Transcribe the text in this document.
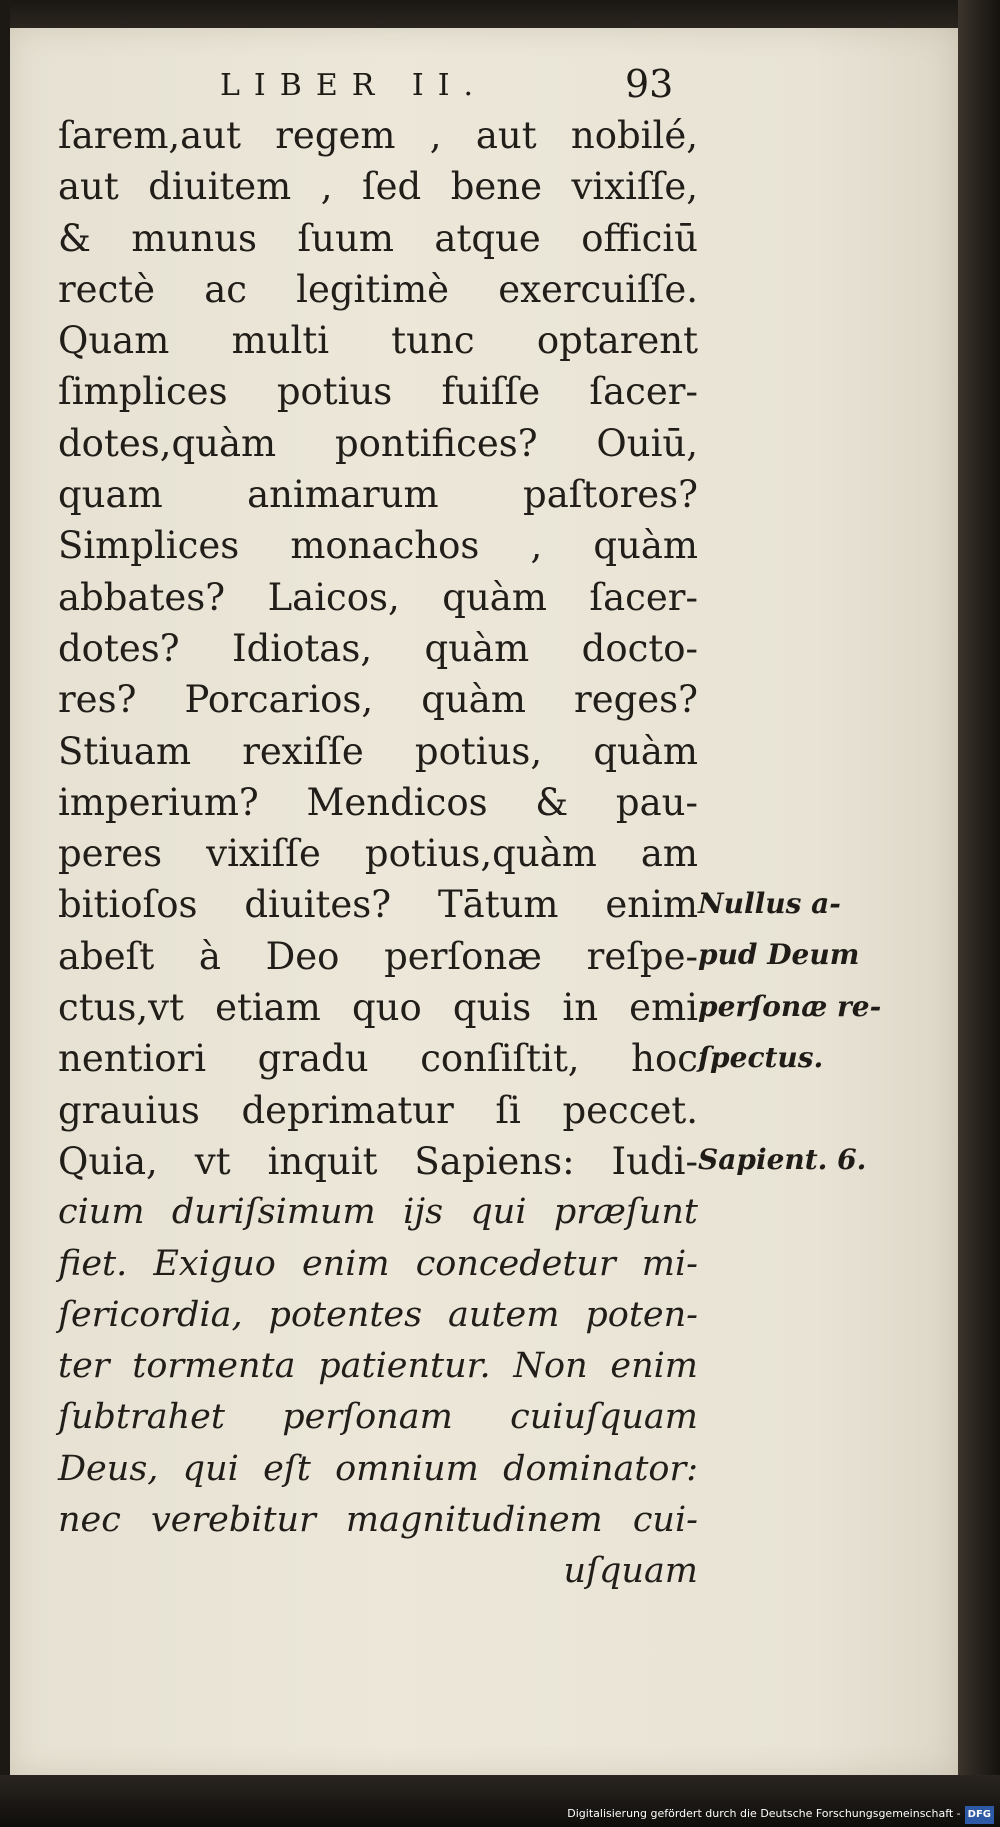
LIBER II.	93
ſarem,aut regem , aut nobilé,
aut diuitem , ſed bene vixiſſe,
& munus ſuum atque officiū
rectè ac legitimè exercuiſſe.
Quam multi tunc optarent
ſimplices potius fuiſſe ſacer-
dotes,quàm pontifices? Ouiū,
quam animarum paſtores?
Simplices monachos , quàm
abbates? Laicos, quàm ſacer-
dotes? Idiotas, quàm docto-
res? Porcarios, quàm reges?
Stiuam rexiſſe potius, quàm
imperium? Mendicos & pau-
peres vixiſſe potius,quàm am
bitioſos diuites? Tātum enim
abeſt à Deo perſonæ reſpe-
ctus,vt etiam quo quis in emi
nentiori gradu conſiſtit, hoc
grauius deprimatur ſi peccet.
Quia, vt inquit Sapiens: Iudi-
cium duriſsimum ijs qui præſunt
fiet. Exiguo enim concedetur mi-
ſericordia, potentes autem poten-
ter tormenta patientur. Non enim
ſubtrahet perſonam cuiuſquam
Deus, qui eſt omnium dominator:
nec verebitur magnitudinem cui-
uſquam
Nullus a-
pud Deum
perſonæ re-
ſpectus.
Sapient. 6.
Digitalisierung gefördert durch die Deutsche Forschungsgemeinschaft - DFG
